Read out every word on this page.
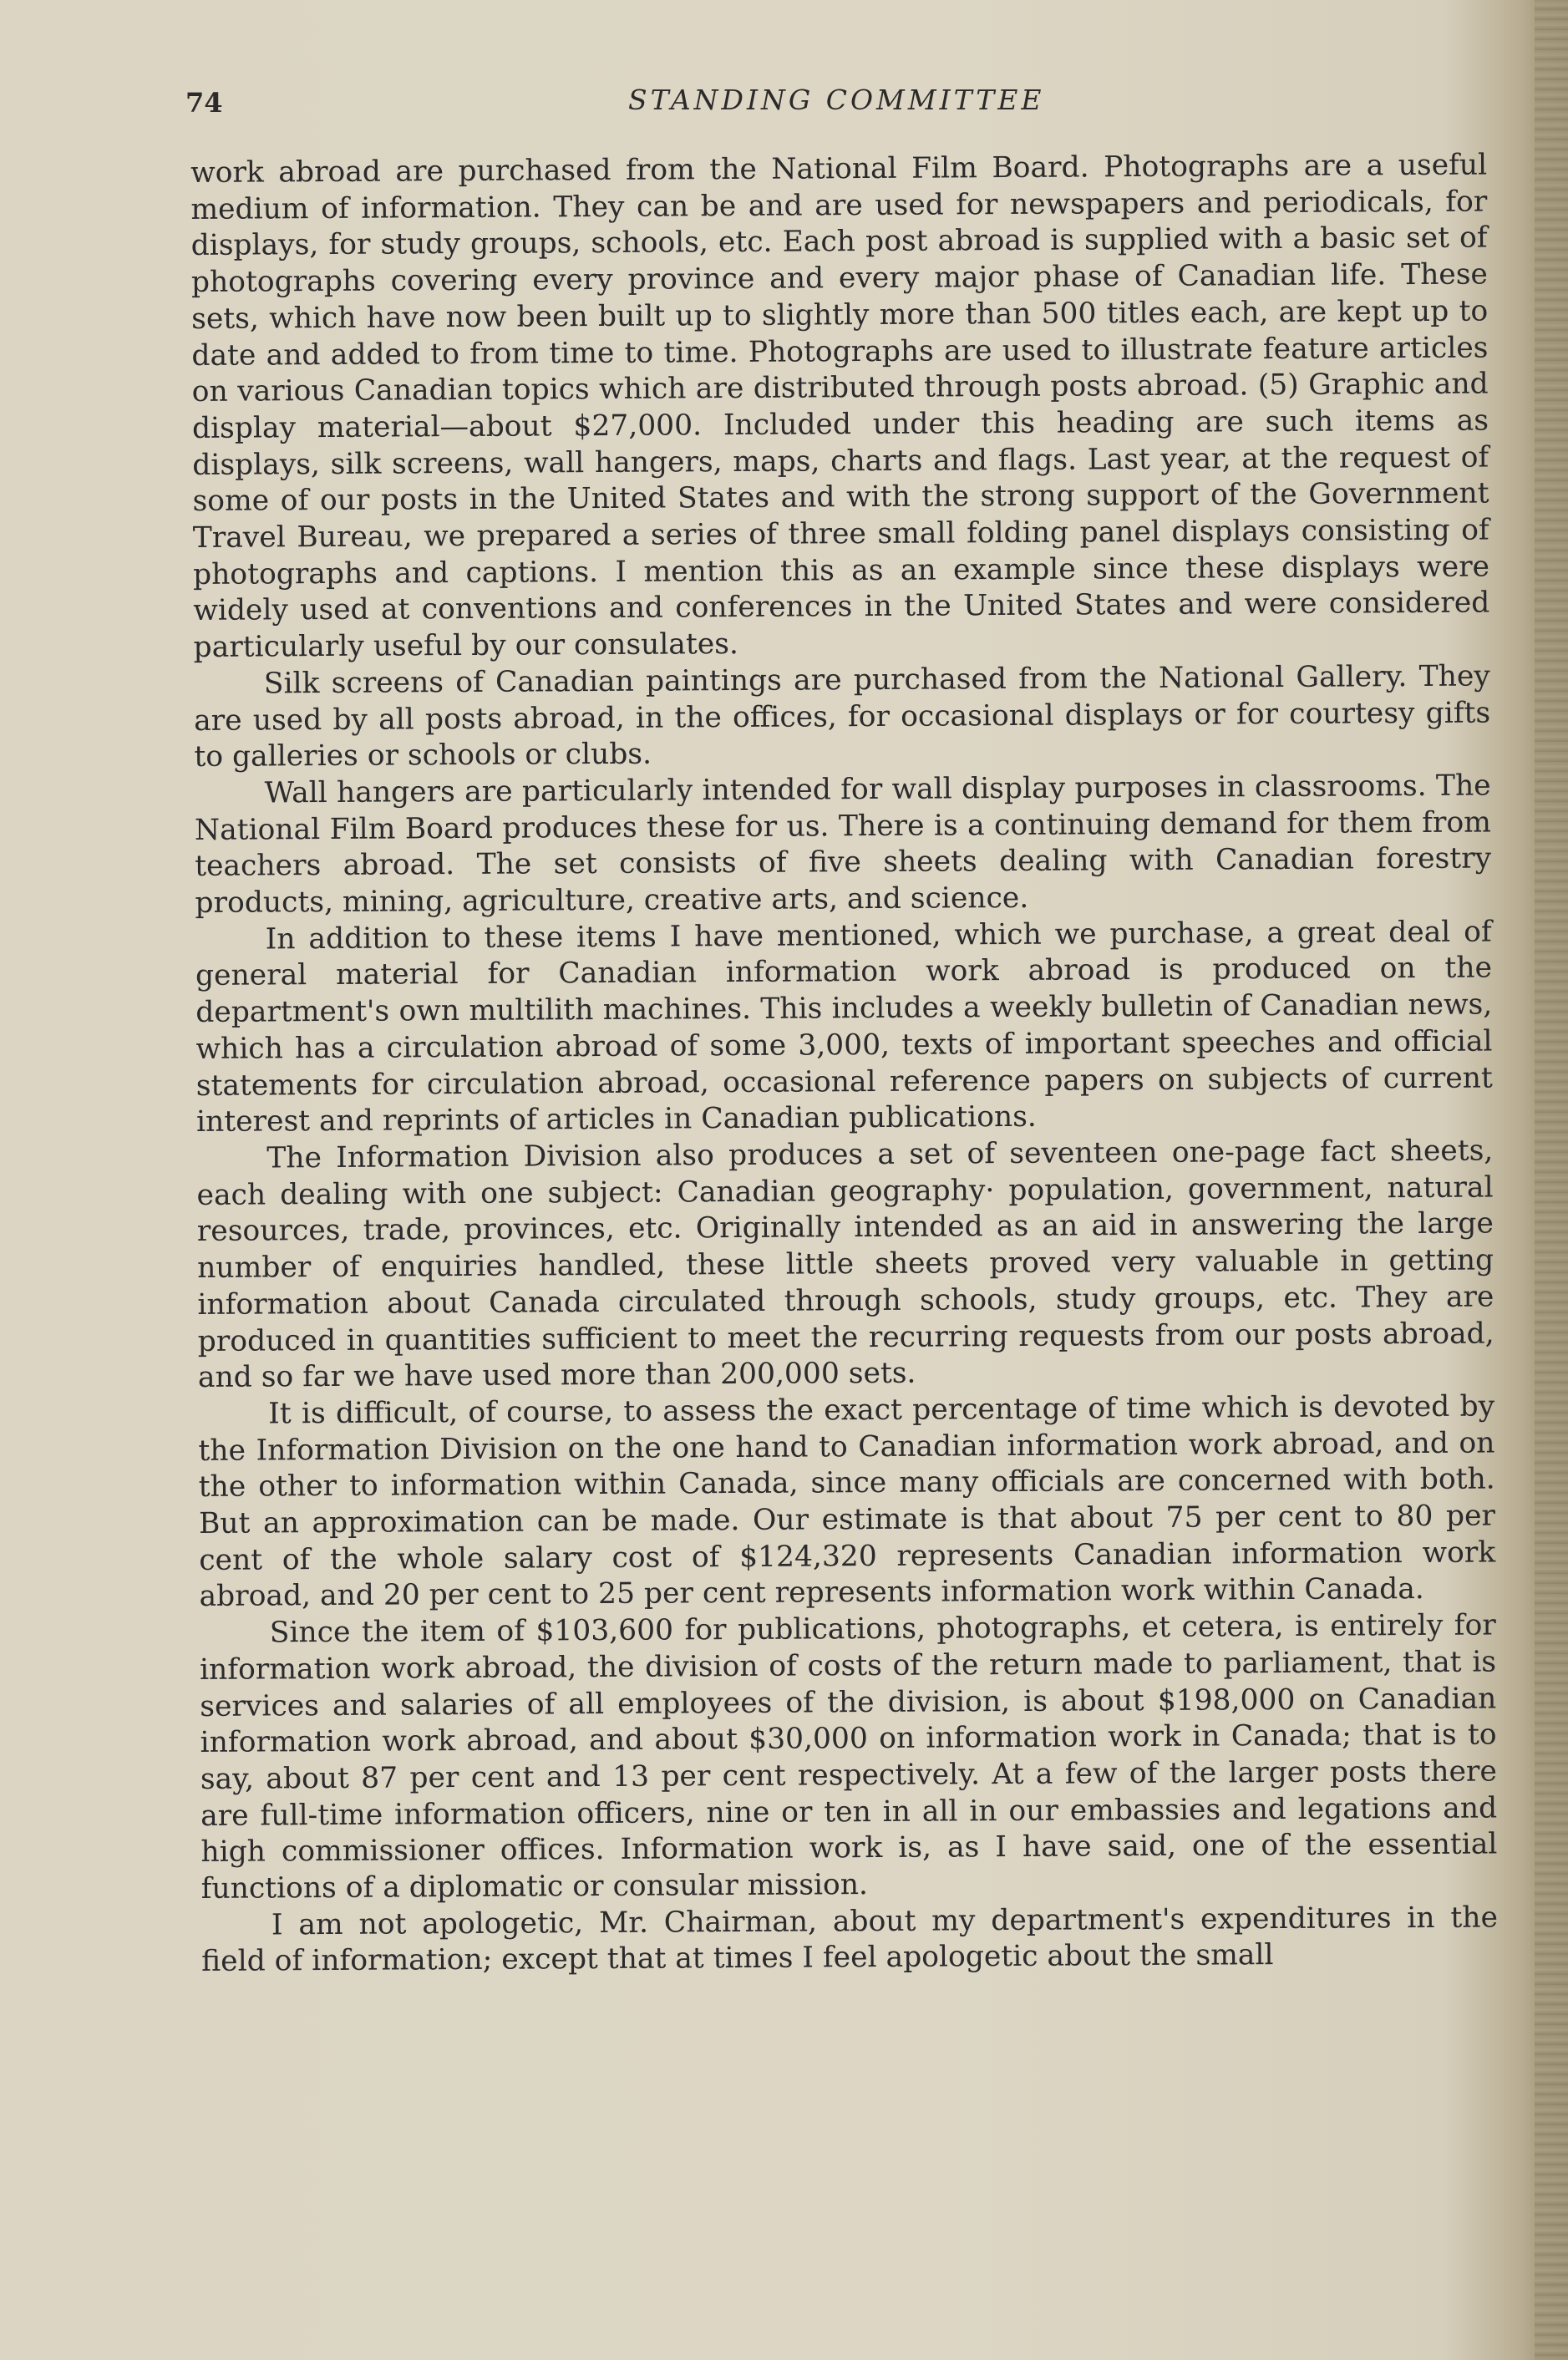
74	STANDING COMMITTEE

work abroad are purchased from the National Film Board. Photographs are a useful medium of information. They can be and are used for newspapers and periodicals, for displays, for study groups, schools, etc. Each post abroad is supplied with a basic set of photographs covering every province and every major phase of Canadian life. These sets, which have now been built up to slightly more than 500 titles each, are kept up to date and added to from time to time. Photographs are used to illustrate feature articles on various Canadian topics which are distributed through posts abroad. (5) Graphic and display material—about $27,000. Included under this heading are such items as displays, silk screens, wall hangers, maps, charts and flags. Last year, at the request of some of our posts in the United States and with the strong support of the Government Travel Bureau, we prepared a series of three small folding panel displays consisting of photographs and captions. I mention this as an example since these displays were widely used at conventions and conferences in the United States and were considered particularly useful by our consulates.

Silk screens of Canadian paintings are purchased from the National Gallery. They are used by all posts abroad, in the offices, for occasional displays or for courtesy gifts to galleries or schools or clubs.

Wall hangers are particularly intended for wall display purposes in classrooms. The National Film Board produces these for us. There is a continuing demand for them from teachers abroad. The set consists of five sheets dealing with Canadian forestry products, mining, agriculture, creative arts, and science.

In addition to these items I have mentioned, which we purchase, a great deal of general material for Canadian information work abroad is produced on the department's own multilith machines. This includes a weekly bulletin of Canadian news, which has a circulation abroad of some 3,000, texts of important speeches and official statements for circulation abroad, occasional reference papers on subjects of current interest and reprints of articles in Canadian publications.

The Information Division also produces a set of seventeen one-page fact sheets, each dealing with one subject: Canadian geography· population, government, natural resources, trade, provinces, etc. Originally intended as an aid in answering the large number of enquiries handled, these little sheets proved very valuable in getting information about Canada circulated through schools, study groups, etc. They are produced in quantities sufficient to meet the recurring requests from our posts abroad, and so far we have used more than 200,000 sets.

It is difficult, of course, to assess the exact percentage of time which is devoted by the Information Division on the one hand to Canadian information work abroad, and on the other to information within Canada, since many officials are concerned with both. But an approximation can be made. Our estimate is that about 75 per cent to 80 per cent of the whole salary cost of $124,320 represents Canadian information work abroad, and 20 per cent to 25 per cent represents information work within Canada.

Since the item of $103,600 for publications, photographs, et cetera, is entirely for information work abroad, the division of costs of the return made to parliament, that is services and salaries of all employees of the division, is about $198,000 on Canadian information work abroad, and about $30,000 on information work in Canada; that is to say, about 87 per cent and 13 per cent respectively. At a few of the larger posts there are full-time information officers, nine or ten in all in our embassies and legations and high commissioner offices. Information work is, as I have said, one of the essential functions of a diplomatic or consular mission.

I am not apologetic, Mr. Chairman, about my department's expenditures in the field of information; except that at times I feel apologetic about the small
